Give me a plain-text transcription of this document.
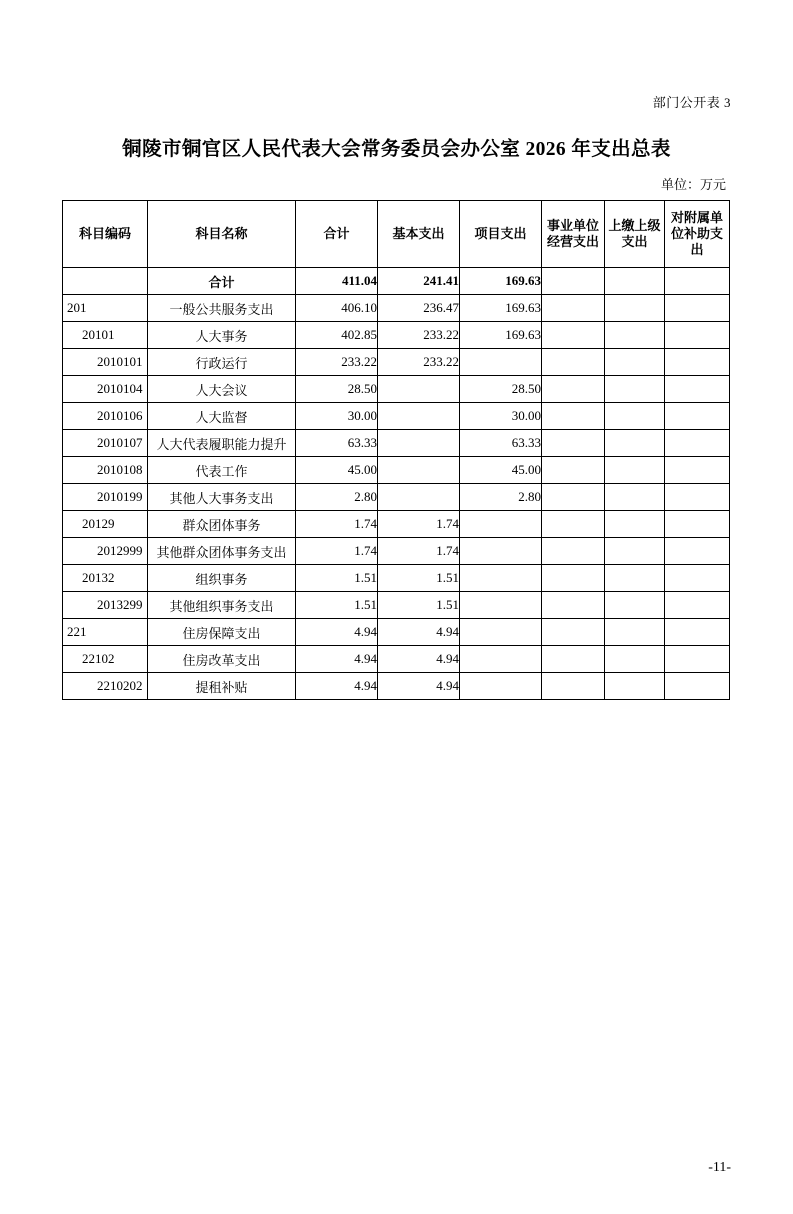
部门公开表 3
铜陵市铜官区人民代表大会常务委员会办公室 2026 年支出总表
单位：万元
科目编码	科目名称	合计	基本支出	项目支出	事业单位经营支出	上缴上级支出	对附属单位补助支出
	合计	411.04	241.41	169.63			
201	一般公共服务支出	406.10	236.47	169.63			
20101	人大事务	402.85	233.22	169.63			
2010101	行政运行	233.22	233.22				
2010104	人大会议	28.50		28.50			
2010106	人大监督	30.00		30.00			
2010107	人大代表履职能力提升	63.33		63.33			
2010108	代表工作	45.00		45.00			
2010199	其他人大事务支出	2.80		2.80			
20129	群众团体事务	1.74	1.74				
2012999	其他群众团体事务支出	1.74	1.74				
20132	组织事务	1.51	1.51				
2013299	其他组织事务支出	1.51	1.51				
221	住房保障支出	4.94	4.94				
22102	住房改革支出	4.94	4.94				
2210202	提租补贴	4.94	4.94				
-11-
